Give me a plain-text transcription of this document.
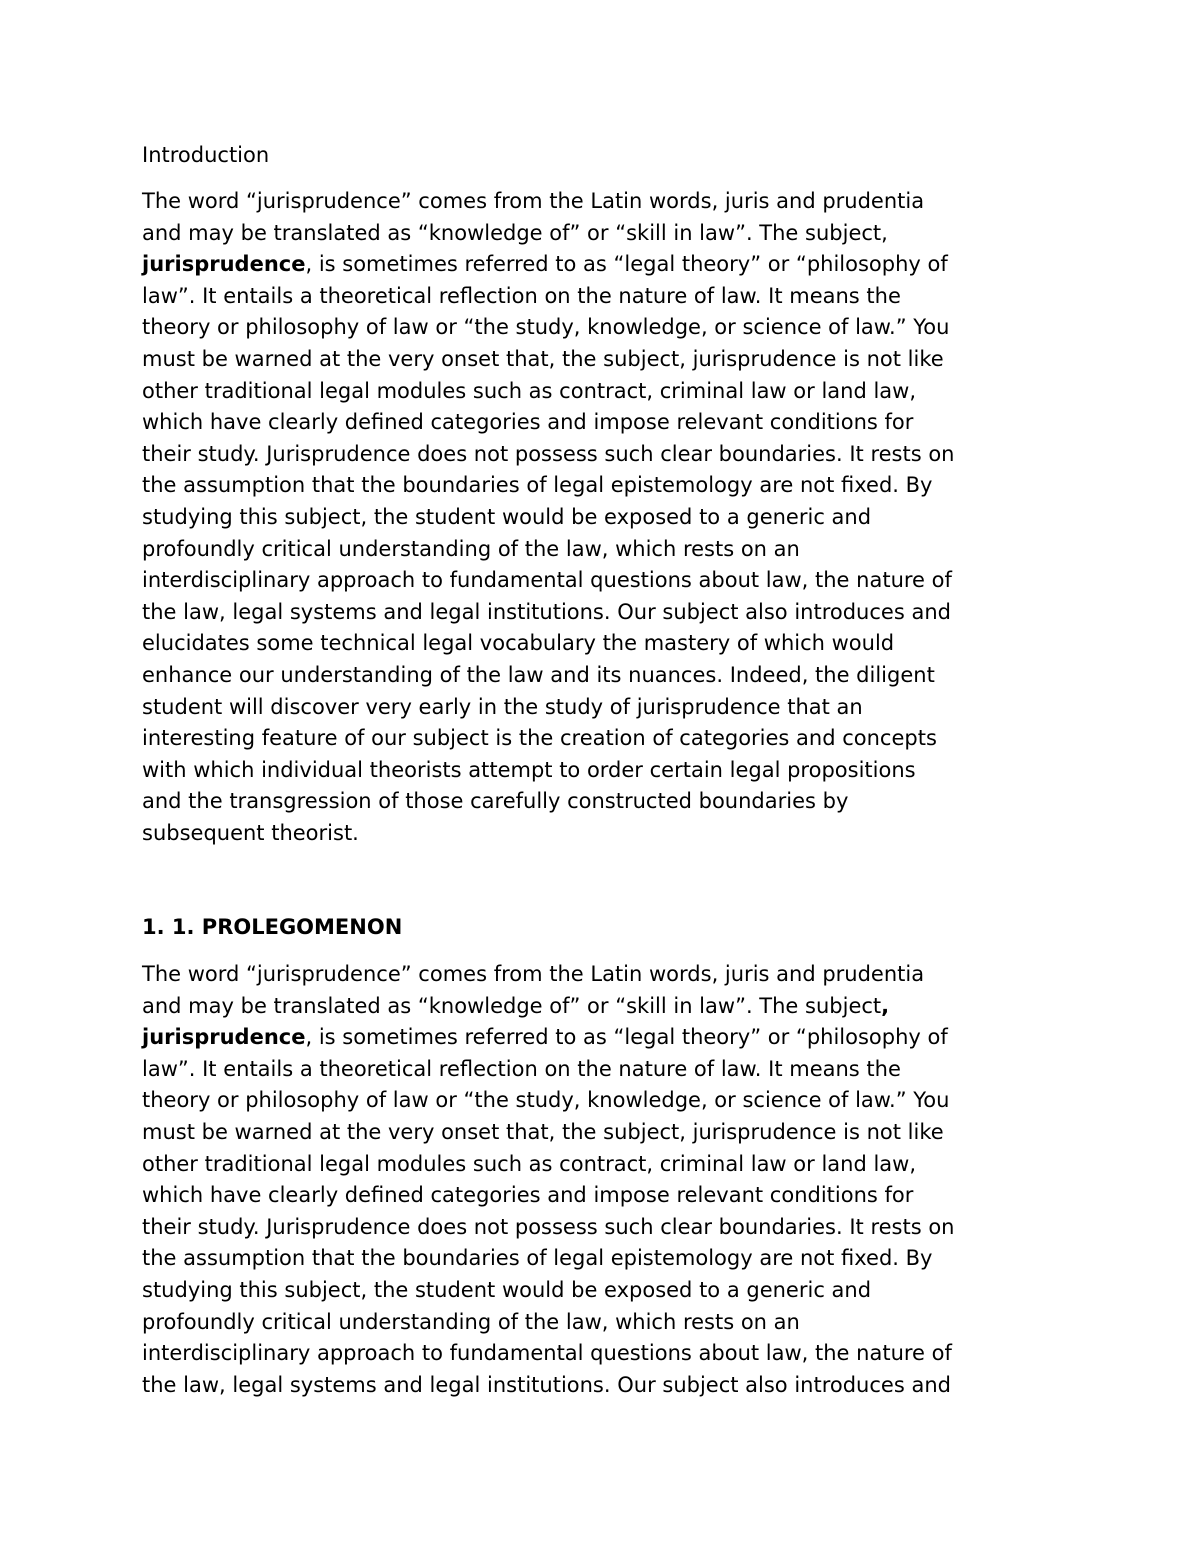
Introduction
The word “jurisprudence” comes from the Latin words, juris and prudentia
and may be translated as “knowledge of” or “skill in law”. The subject,
jurisprudence, is sometimes referred to as “legal theory” or “philosophy of
law”. It entails a theoretical reflection on the nature of law. It means the
theory or philosophy of law or “the study, knowledge, or science of law.” You
must be warned at the very onset that, the subject, jurisprudence is not like
other traditional legal modules such as contract, criminal law or land law,
which have clearly defined categories and impose relevant conditions for
their study. Jurisprudence does not possess such clear boundaries. It rests on
the assumption that the boundaries of legal epistemology are not fixed. By
studying this subject, the student would be exposed to a generic and
profoundly critical understanding of the law, which rests on an
interdisciplinary approach to fundamental questions about law, the nature of
the law, legal systems and legal institutions. Our subject also introduces and
elucidates some technical legal vocabulary the mastery of which would
enhance our understanding of the law and its nuances. Indeed, the diligent
student will discover very early in the study of jurisprudence that an
interesting feature of our subject is the creation of categories and concepts
with which individual theorists attempt to order certain legal propositions
and the transgression of those carefully constructed boundaries by
subsequent theorist.
1. 1. PROLEGOMENON
The word “jurisprudence” comes from the Latin words, juris and prudentia
and may be translated as “knowledge of” or “skill in law”. The subject,
jurisprudence, is sometimes referred to as “legal theory” or “philosophy of
law”. It entails a theoretical reflection on the nature of law. It means the
theory or philosophy of law or “the study, knowledge, or science of law.” You
must be warned at the very onset that, the subject, jurisprudence is not like
other traditional legal modules such as contract, criminal law or land law,
which have clearly defined categories and impose relevant conditions for
their study. Jurisprudence does not possess such clear boundaries. It rests on
the assumption that the boundaries of legal epistemology are not fixed. By
studying this subject, the student would be exposed to a generic and
profoundly critical understanding of the law, which rests on an
interdisciplinary approach to fundamental questions about law, the nature of
the law, legal systems and legal institutions. Our subject also introduces and
